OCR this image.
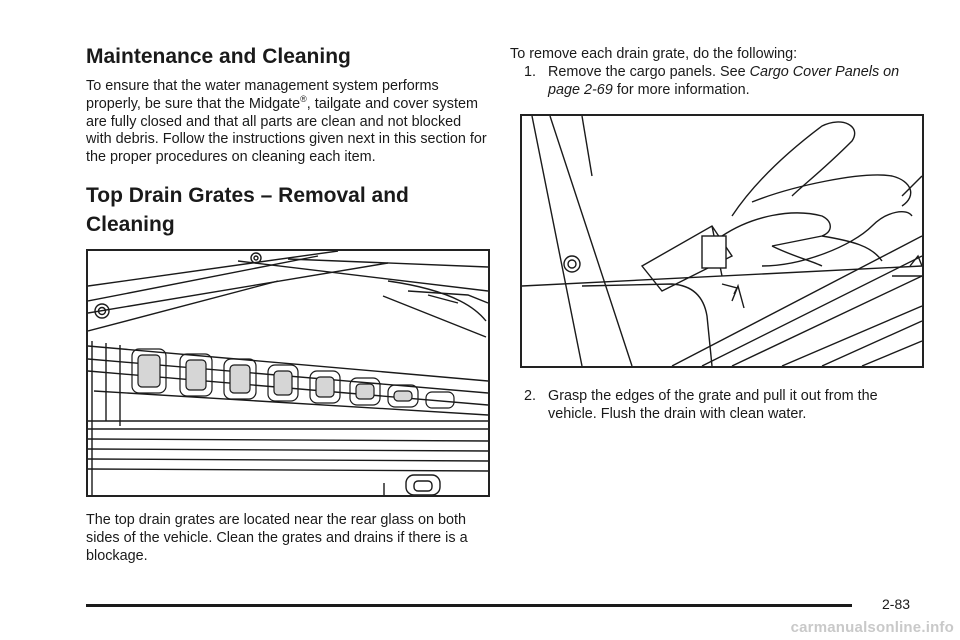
Maintenance and Cleaning

To ensure that the water management system performs properly, be sure that the Midgate®, tailgate and cover system are fully closed and that all parts are clean and not blocked with debris. Follow the instructions given next in this section for the proper procedures on cleaning each item.

Top Drain Grates – Removal and Cleaning

The top drain grates are located near the rear glass on both sides of the vehicle. Clean the grates and drains if there is a blockage.

To remove each drain grate, do the following:

1. Remove the cargo panels. See Cargo Cover Panels on page 2-69 for more information.
2. Grasp the edges of the grate and pull it out from the vehicle. Flush the drain with clean water.
2-83
carmanualsonline.info
